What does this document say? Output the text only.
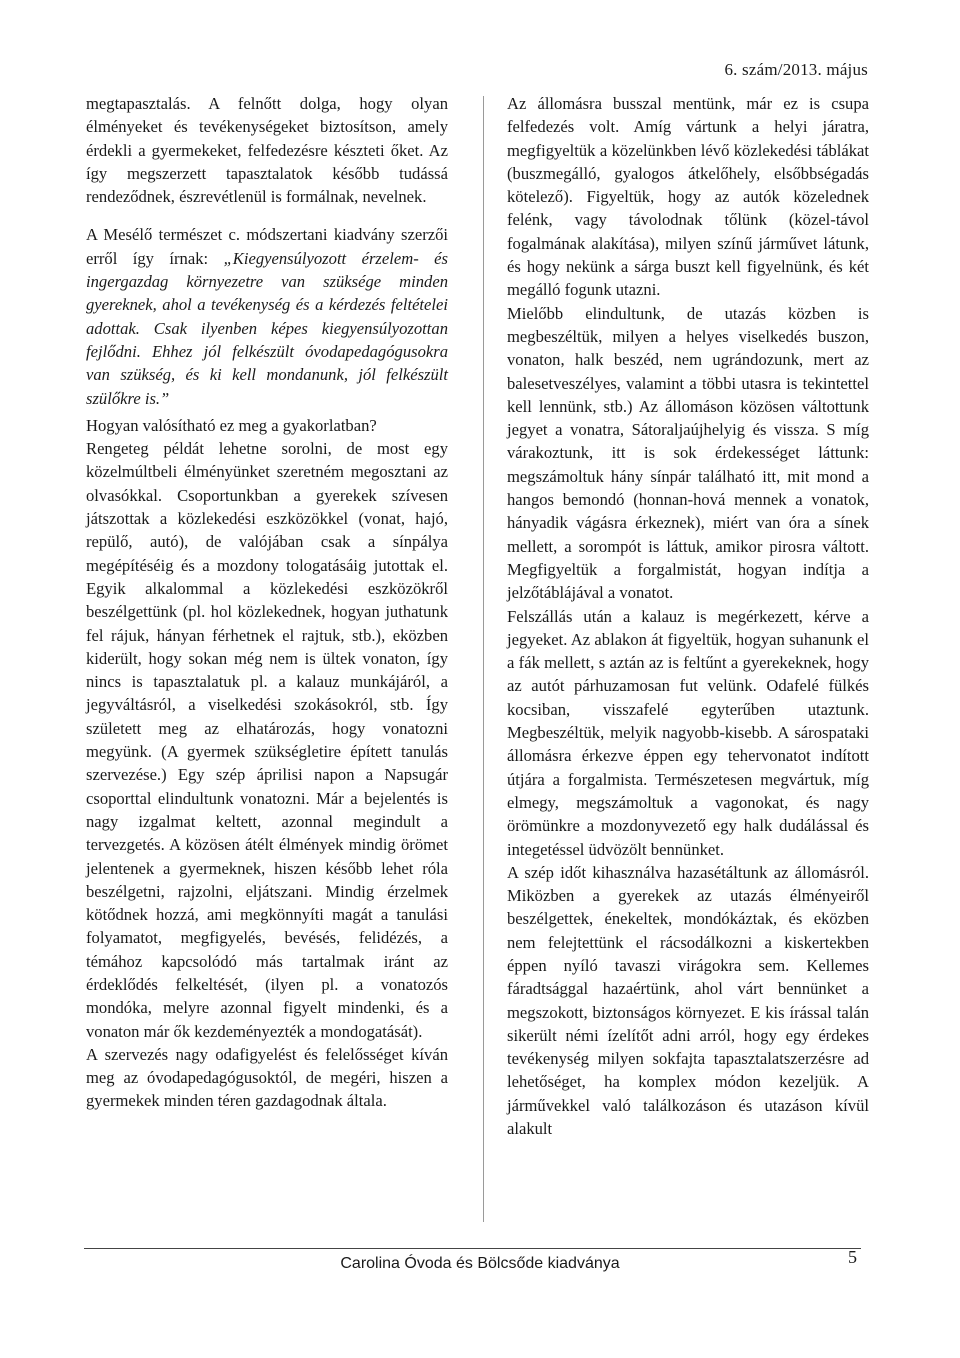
6. szám/2013. május

megtapasztalás. A felnőtt dolga, hogy olyan élményeket és tevékenységeket biztosítson, amely érdekli a gyermekeket, felfedezésre készteti őket. Az így megszerzett tapasztalatok később tudássá rendeződnek, észrevétlenül is formálnak, nevelnek.

A Mesélő természet c. módszertani kiadvány szerzői erről így írnak: „Kiegyensúlyozott érzelem- és ingergazdag környezetre van szüksége minden gyereknek, ahol a tevékenység és a kérdezés feltételei adottak. Csak ilyenben képes kiegyensúlyozottan fejlődni. Ehhez jól felkészült óvodapedagógusokra van szükség, és ki kell mondanunk, jól felkészült szülőkre is.”

Hogyan valósítható ez meg a gyakorlatban?

Rengeteg példát lehetne sorolni, de most egy közelmúltbeli élményünket szeretném megosztani az olvasókkal. Csoportunkban a gyerekek szívesen játszottak a közlekedési eszközökkel (vonat, hajó, repülő, autó), de valójában csak a sínpálya megépítéséig és a mozdony tologatásáig jutottak el. Egyik alkalommal a közlekedési eszközökről beszélgettünk (pl. hol közlekednek, hogyan juthatunk fel rájuk, hányan férhetnek el rajtuk, stb.), eközben kiderült, hogy sokan még nem is ültek vonaton, így nincs is tapasztalatuk pl. a kalauz munkájáról, a jegyváltásról, a viselkedési szokásokról, stb. Így született meg az elhatározás, hogy vonatozni megyünk. (A gyermek szükségletire épített tanulás szervezése.) Egy szép áprilisi napon a Napsugár csoporttal elindultunk vonatozni. Már a bejelentés is nagy izgalmat keltett, azonnal megindult a tervezgetés. A közösen átélt élmények mindig örömet jelentenek a gyermeknek, hiszen később lehet róla beszélgetni, rajzolni, eljátszani. Mindig érzelmek kötődnek hozzá, ami megkönnyíti magát a tanulási folyamatot, megfigyelés, bevésés, felidézés, a témához kapcsolódó más tartalmak iránt az érdeklődés felkeltését, (ilyen pl. a vonatozós mondóka, melyre azonnal figyelt mindenki, és a vonaton már ők kezdeményezték a mondogatását).

A szervezés nagy odafigyelést és felelősséget kíván meg az óvodapedagógusoktól, de megéri, hiszen a gyermekek minden téren gazdagodnak általa.

Az állomásra busszal mentünk, már ez is csupa felfedezés volt. Amíg vártunk a helyi járatra, megfigyeltük a közelünkben lévő közlekedési táblákat (buszmegálló, gyalogos átkelőhely, elsőbbségadás kötelező). Figyeltük, hogy az autók közelednek felénk, vagy távolodnak tőlünk (közel-távol fogalmának alakítása), milyen színű járművet látunk, és hogy nekünk a sárga buszt kell figyelnünk, és két megálló fogunk utazni.

Mielőbb elindultunk, de utazás közben is megbeszéltük, milyen a helyes viselkedés buszon, vonaton, halk beszéd, nem ugrándozunk, mert az balesetveszélyes, valamint a többi utasra is tekintettel kell lennünk, stb.) Az állomáson közösen váltottunk jegyet a vonatra, Sátoraljaújhelyig és vissza. S míg várakoztunk, itt is sok érdekességet láttunk: megszámoltuk hány sínpár található itt, mit mond a hangos bemondó (honnan-hová mennek a vonatok, hányadik vágásra érkeznek), miért van óra a sínek mellett, a sorompót is láttuk, amikor pirosra váltott. Megfigyeltük a forgalmistát, hogyan indítja a jelzőtáblájával a vonatot.

Felszállás után a kalauz is megérkezett, kérve a jegyeket. Az ablakon át figyeltük, hogyan suhanunk el a fák mellett, s aztán az is feltűnt a gyerekeknek, hogy az autót párhuzamosan fut velünk. Odafelé fülkés kocsiban, visszafelé egyterűben utaztunk. Megbeszéltük, melyik nagyobb-kisebb. A sárospataki állomásra érkezve éppen egy tehervonatot indított útjára a forgalmista. Természetesen megvártuk, míg elmegy, megszámoltuk a vagonokat, és nagy örömünkre a mozdonyvezető egy halk dudálással és integetéssel üdvözölt bennünket.

A szép időt kihasználva hazasétáltunk az állomásról. Miközben a gyerekek az utazás élményeiről beszélgettek, énekeltek, mondókáztak, és eközben nem felejtettünk el rácsodálkozni a kiskertekben éppen nyíló tavaszi virágokra sem. Kellemes fáradtsággal hazaértünk, ahol várt bennünket a megszokott, biztonságos környezet. E kis írással talán sikerült némi ízelítőt adni arról, hogy egy érdekes tevékenység milyen sokfajta tapasztalatszerzésre ad lehetőséget, ha komplex módon kezeljük. A járművekkel való találkozáson és utazáson kívül alakult

Carolina Óvoda és Bölcsőde kiadványa	5
